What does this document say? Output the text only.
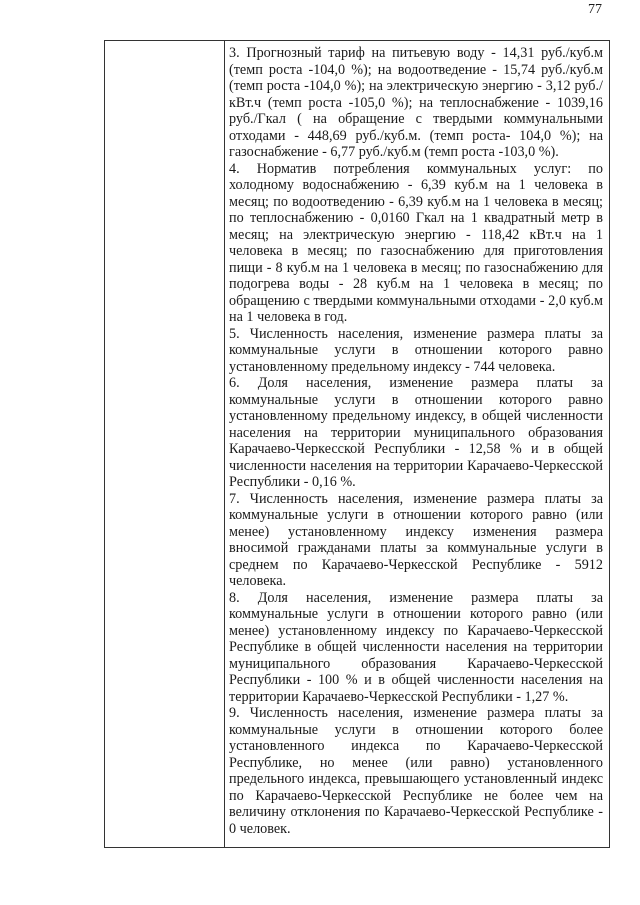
77

3. Прогнозный тариф на питьевую воду - 14,31 руб./куб.м (темп роста -104,0 %); на водоотведение - 15,74 руб./куб.м (темп роста -104,0 %); на электрическую энергию - 3,12 руб./кВт.ч (темп роста -105,0 %); на теплоснабжение - 1039,16 руб./Гкал ( на обращение с твердыми коммунальными отходами - 448,69 руб./куб.м. (темп роста- 104,0 %); на газоснабжение - 6,77 руб./куб.м (темп роста -103,0 %).

4. Норматив потребления коммунальных услуг: по холодному водоснабжению - 6,39 куб.м на 1 человека в месяц; по водоотведению - 6,39 куб.м на 1 человека в месяц; по теплоснабжению - 0,0160 Гкал на 1 квадратный метр в месяц; на электрическую энергию - 118,42 кВт.ч на 1 человека в месяц; по газоснабжению для приготовления пищи - 8 куб.м на 1 человека в месяц; по газоснабжению для подогрева воды - 28 куб.м на 1 человека в месяц; по обращению с твердыми коммунальными отходами - 2,0 куб.м на 1 человека в год.

5. Численность населения, изменение размера платы за коммунальные услуги в отношении которого равно установленному предельному индексу - 744 человека.

6. Доля населения, изменение размера платы за коммунальные услуги в отношении которого равно установленному предельному индексу, в общей численности населения на территории муниципального образования Карачаево-Черкесской Республики - 12,58 % и в общей численности населения на территории Карачаево-Черкесской Республики - 0,16 %.

7. Численность населения, изменение размера платы за коммунальные услуги в отношении которого равно (или менее) установленному индексу изменения размера вносимой гражданами платы за коммунальные услуги в среднем по Карачаево-Черкесской Республике - 5912 человека.

8. Доля населения, изменение размера платы за коммунальные услуги в отношении которого равно (или менее) установленному индексу по Карачаево-Черкесской Республике в общей численности населения на территории муниципального образования Карачаево-Черкесской Республики - 100 % и в общей численности населения на территории Карачаево-Черкесской Республики - 1,27 %.

9. Численность населения, изменение размера платы за коммунальные услуги в отношении которого более установленного индекса по Карачаево-Черкесской Республике, но менее (или равно) установленного предельного индекса, превышающего установленный индекс по Карачаево-Черкесской Республике не более чем на величину отклонения по Карачаево-Черкесской Республике - 0 человек.
